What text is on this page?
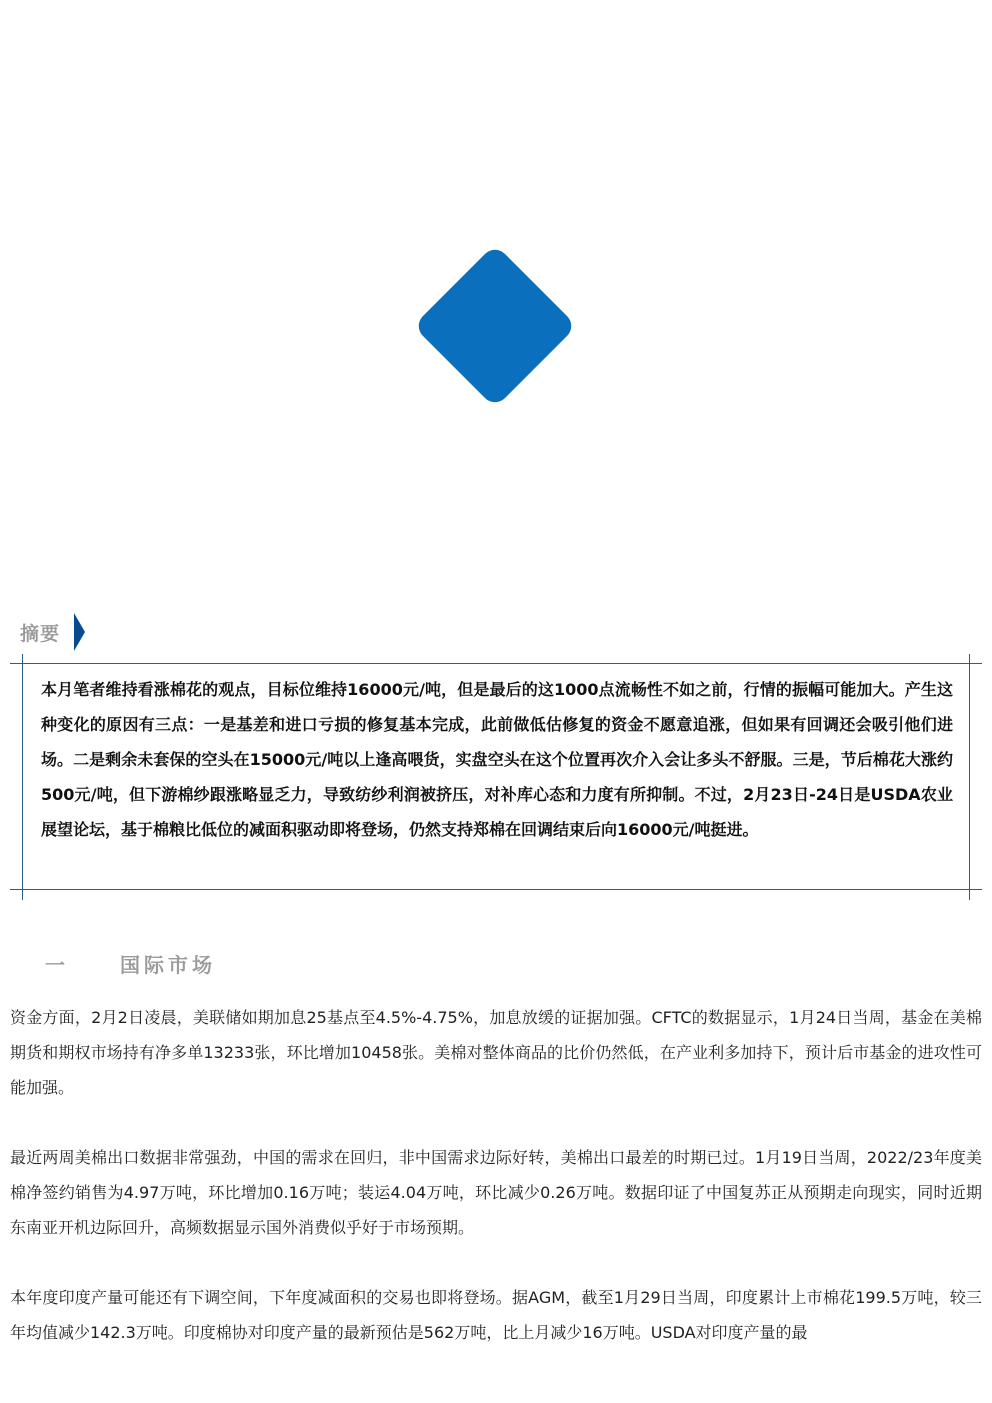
摘要
本月笔者维持看涨棉花的观点，目标位维持16000元/吨，但是最后的这1000点流畅性不如之前，行情的振幅可能加大。产生这种变化的原因有三点：一是基差和进口亏损的修复基本完成，此前做低估修复的资金不愿意追涨，但如果有回调还会吸引他们进场。二是剩余未套保的空头在15000元/吨以上逢高喂货，实盘空头在这个位置再次介入会让多头不舒服。三是，节后棉花大涨约500元/吨，但下游棉纱跟涨略显乏力，导致纺纱利润被挤压，对补库心态和力度有所抑制。不过，2月23日-24日是USDA农业展望论坛，基于棉粮比低位的减面积驱动即将登场，仍然支持郑棉在回调结束后向16000元/吨挺进。
一	国际市场
资金方面，2月2日凌晨，美联储如期加息25基点至4.5%-4.75%，加息放缓的证据加强。CFTC的数据显示，1月24日当周，基金在美棉期货和期权市场持有净多单13233张，环比增加10458张。美棉对整体商品的比价仍然低，在产业利多加持下，预计后市基金的进攻性可能加强。
最近两周美棉出口数据非常强劲，中国的需求在回归，非中国需求边际好转，美棉出口最差的时期已过。1月19日当周，2022/23年度美棉净签约销售为4.97万吨，环比增加0.16万吨；装运4.04万吨，环比减少0.26万吨。数据印证了中国复苏正从预期走向现实，同时近期东南亚开机边际回升，高频数据显示国外消费似乎好于市场预期。
本年度印度产量可能还有下调空间，下年度减面积的交易也即将登场。据AGM，截至1月29日当周，印度累计上市棉花199.5万吨，较三年均值减少142.3万吨。印度棉协对印度产量的最新预估是562万吨，比上月减少16万吨。USDA对印度产量的最
